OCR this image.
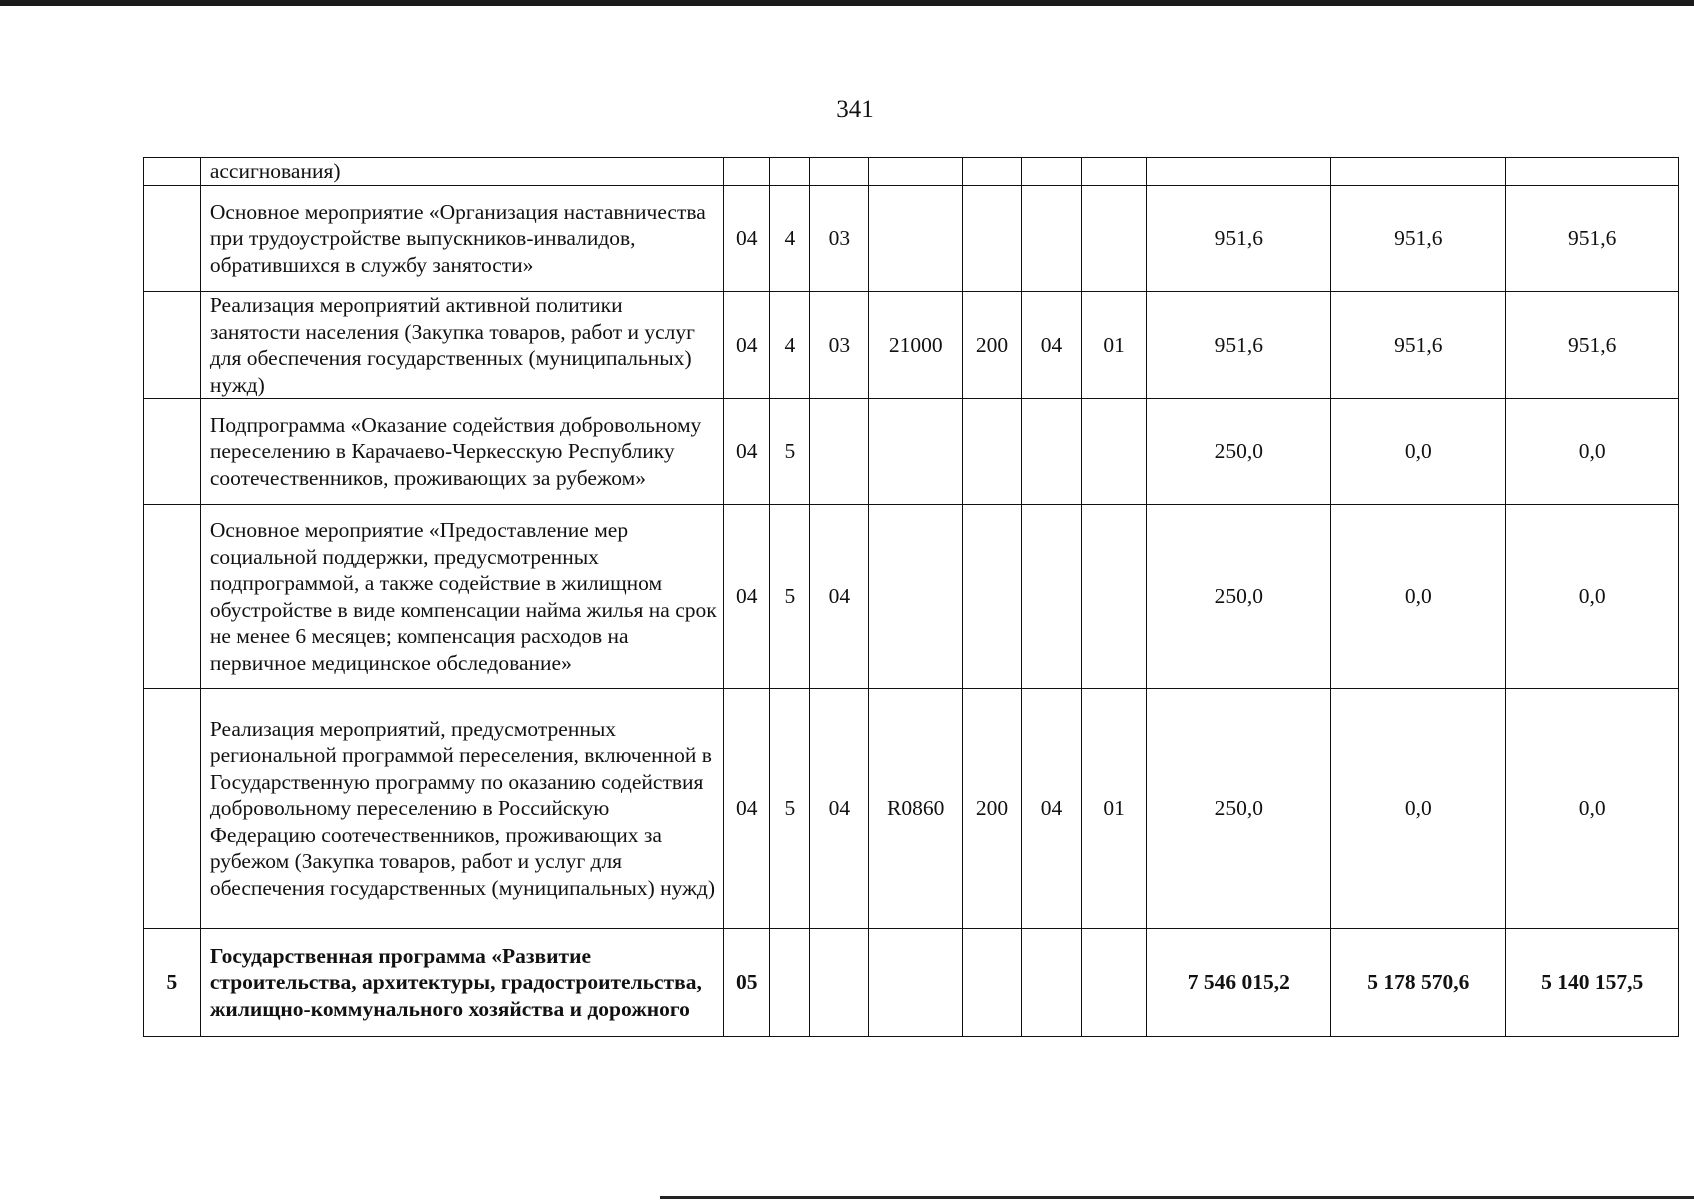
341
	ассигнования)										
	Основное мероприятие «Организация наставничества при трудоустройстве выпускников-инвалидов, обратившихся в службу занятости»	04	4	03					951,6	951,6	951,6
	Реализация мероприятий активной политики занятости населения (Закупка товаров, работ и услуг для обеспечения государственных (муниципальных) нужд)	04	4	03	21000	200	04	01	951,6	951,6	951,6
	Подпрограмма «Оказание содействия добровольному переселению в Карачаево-Черкесскую Республику соотечественников, проживающих за рубежом»	04	5						250,0	0,0	0,0
	Основное мероприятие «Предоставление мер социальной поддержки, предусмотренных подпрограммой, а также содействие в жилищном обустройстве в виде компенсации найма жилья на срок не менее 6 месяцев; компенсация расходов на первичное медицинское обследование»	04	5	04					250,0	0,0	0,0
	Реализация мероприятий, предусмотренных региональной программой переселения, включенной в Государственную программу по оказанию содействия добровольному переселению в Российскую Федерацию соотечественников, проживающих за рубежом (Закупка товаров, работ и услуг для обеспечения государственных (муниципальных) нужд)	04	5	04	R0860	200	04	01	250,0	0,0	0,0
5	Государственная программа «Развитие строительства, архитектуры, градостроительства, жилищно-коммунального хозяйства и дорожного	05							7 546 015,2	5 178 570,6	5 140 157,5
